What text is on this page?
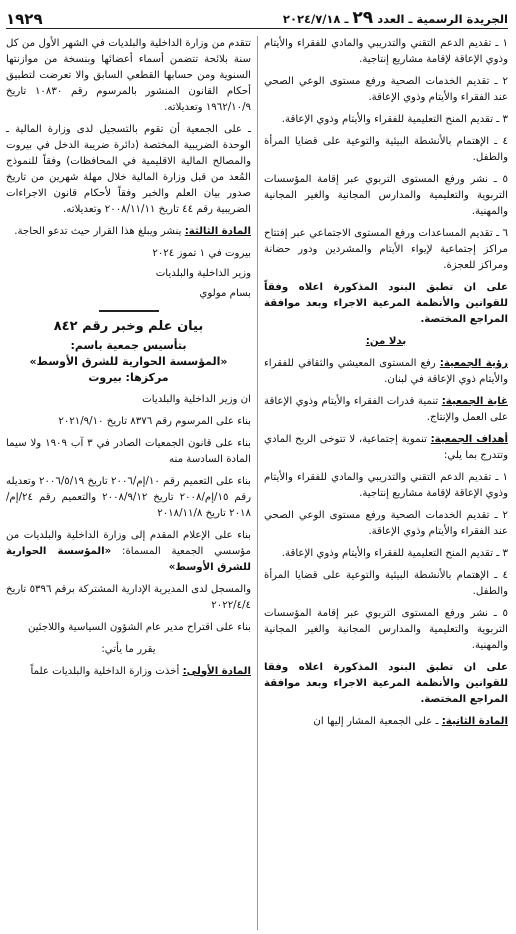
الجريدة الرسمية ـ العدد ٢٩ ـ ٢٠٢٤/٧/١٨
١٩٢٩

١ ـ تقديم الدعم التقني والتدريبي والمادي للفقراء والأيتام وذوي الإعاقة لإقامة مشاريع إنتاجية.

٢ ـ تقديم الخدمات الصحية ورفع مستوى الوعي الصحي عند الفقراء والأيتام وذوي الإعاقة.

٣ ـ تقديم المنح التعليمية للفقراء والأيتام وذوي الإعاقة.

٤ ـ الإهتمام بالأنشطة البيئية والتوعية على قضايا المرأة والطفل.

٥ ـ نشر ورفع المستوى التربوي عبر إقامة المؤسسات التربوية والتعليمية والمدارس المجانية والغير المجانية والمهنية.

٦ ـ تقديم المساعدات ورفع المستوى الاجتماعي عبر إفتتاح مراكز إجتماعية لإيواء الأيتام والمشردين ودور حضانة ومراكز للعجزة.

على ان تطبق البنود المذكورة اعلاه وفقاً للقوانين والأنظمة المرعية الاجراء وبعد موافقة المراجع المختصة.

بدلا من:

رؤية الجمعية: رفع المستوى المعيشي والثقافي للفقراء والأيتام ذوي الإعاقة في لبنان.

غاية الجمعية: تنمية قدرات الفقراء والأيتام وذوي الإعاقة على العمل والإنتاج.

أهداف الجمعية: تنموية إجتماعية، لا تتوخى الربح المادي وتتدرج بما يلي:

١ ـ تقديم الدعم التقني والتدريبي والمادي للفقراء والأيتام وذوي الإعاقة لإقامة مشاريع إنتاجية.

٢ ـ تقديم الخدمات الصحية ورفع مستوى الوعي الصحي عند الفقراء والأيتام وذوي الإعاقة.

٣ ـ تقديم المنح التعليمية للفقراء والأيتام وذوي الإعاقة.

٤ ـ الإهتمام بالأنشطة البيئية والتوعية على قضايا المرأة والطفل.

٥ ـ نشر ورفع المستوى التربوي عبر إقامة المؤسسات التربوية والتعليمية والمدارس المجانية والغير المجانية والمهنية.

على ان تطبق البنود المذكورة اعلاه وفقا للقوانين والأنظمة المرعية الاجراء وبعد موافقة المراجع المختصة.

المادة الثانية: ـ على الجمعية المشار إليها ان

تتقدم من وزارة الداخلية والبلديات في الشهر الأول من كل سنة بلائحة تتضمن أسماء أعضائها وبنسخة من موازنتها السنوية ومن حسابها القطعي السابق والا تعرضت لتطبيق أحكام القانون المنشور بالمرسوم رقم ١٠٨٣٠ تاريخ ١٩٦٢/١٠/٩ وتعديلاته.

ـ على الجمعية أن تقوم بالتسجيل لدى وزارة المالية ـ الوحدة الضريبية المختصة (دائرة ضريبة الدخل في بيروت والمصالح المالية الاقليمية في المحافظات) وفقاً للنموذج المُعد من قبل وزارة المالية خلال مهلة شهرين من تاريخ صدور بيان العلم والخبر وفقاً لأحكام قانون الاجراءات الضريبية رقم ٤٤ تاريخ ٢٠٠٨/١١/١١ وتعديلاته.

المادة الثالثة: ينشر ويبلغ هذا القرار حيث تدعو الحاجة.

بيروت في ١ تموز ٢٠٢٤

وزير الداخلية والبلديات

بسام مولوي

بيان علم وخبر رقم ٨٤٢
بتأسيس جمعية باسم:
«المؤسسة الحوارية للشرق الأوسط»
مركزها: بيروت

ان وزير الداخلية والبلديات

بناء على المرسوم رقم ٨٣٧٦ تاريخ ٢٠٢١/٩/١٠

بناء على قانون الجمعيات الصادر في ٣ آب ١٩٠٩ ولا سيما المادة السادسة منه

بناء على التعميم رقم ١٠/إم/٢٠٠٦ تاريخ ٢٠٠٦/٥/١٩ وتعديله رقم ١٥/إم/٢٠٠٨ تاريخ ٢٠٠٨/٩/١٢ والتعميم رقم ٢٤/إم/٢٠١٨ تاريخ ٢٠١٨/١١/٨

بناء على الإعلام المقدم إلى وزارة الداخلية والبلديات من مؤسسي الجمعية المسماة: «المؤسسة الحوارية للشرق الأوسط»

والمسجل لدى المديرية الإدارية المشتركة برقم ٥٣٩٦ تاريخ ٢٠٢٢/٤/٤

بناء على اقتراح مدير عام الشؤون السياسية واللاجئين

يقرر ما يأتي:

المادة الأولى: أخذت وزارة الداخلية والبلديات علماً
